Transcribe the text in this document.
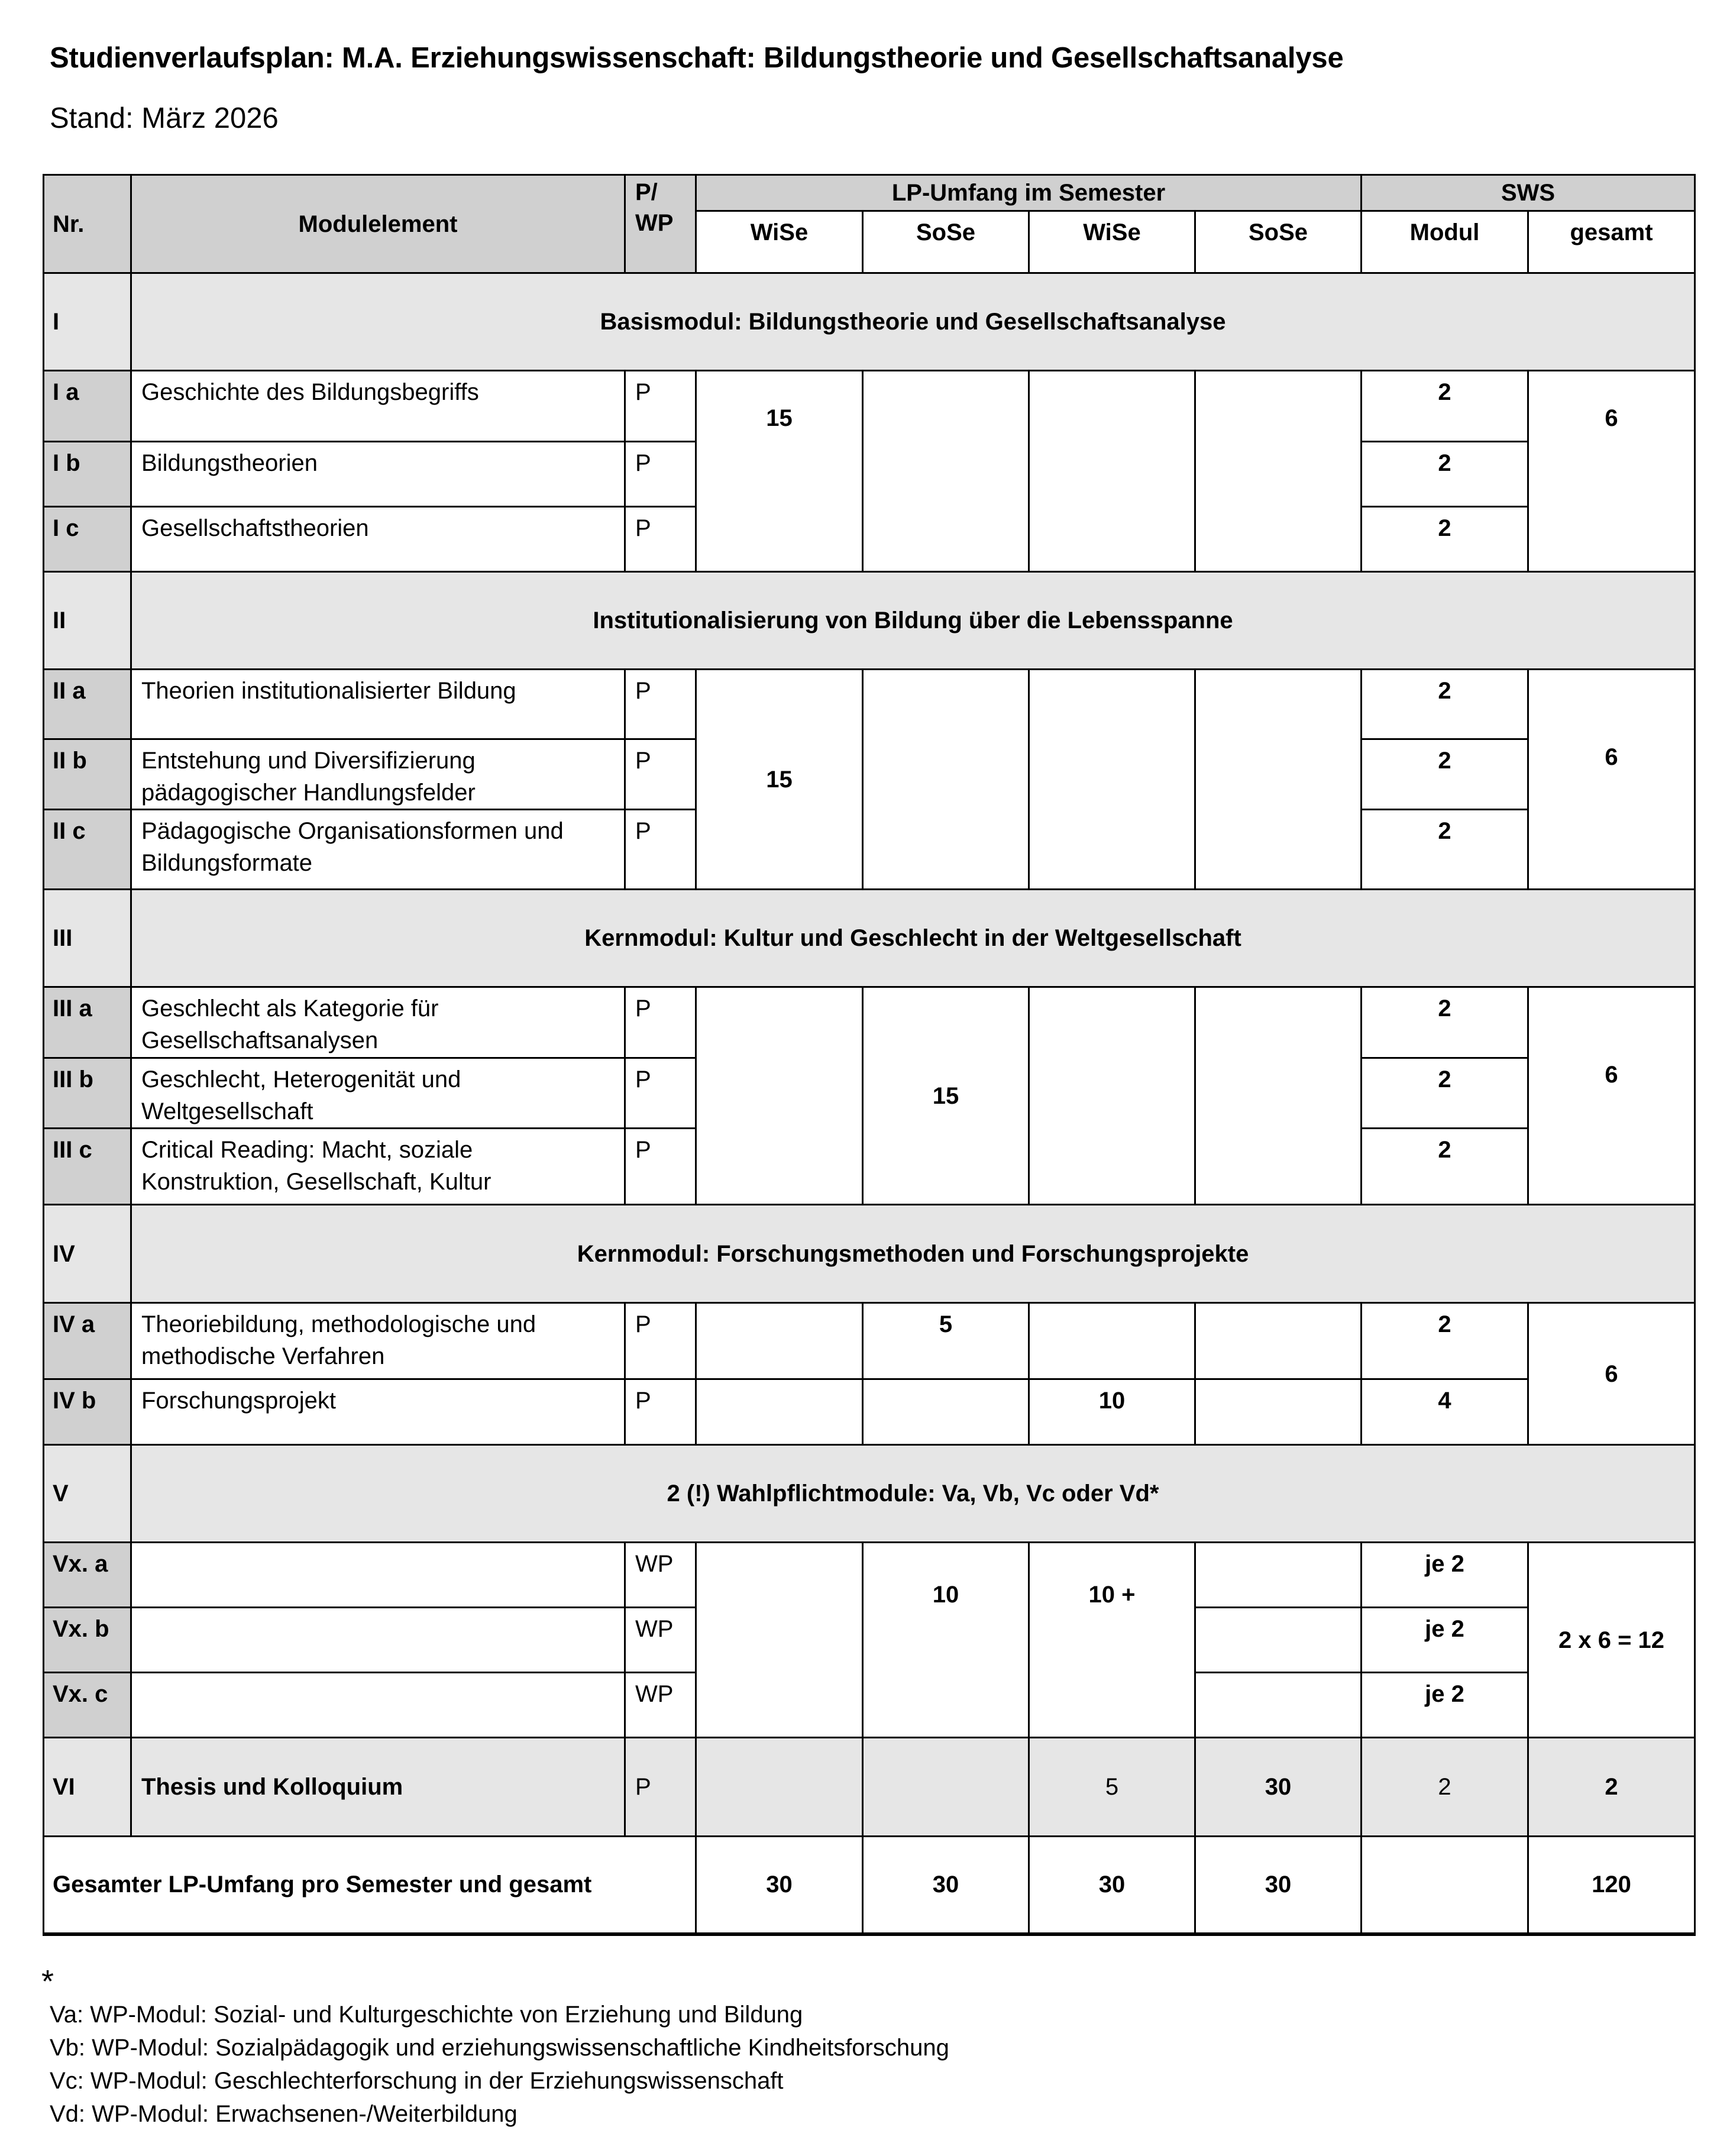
Studienverlaufsplan: M.A. Erziehungswissenschaft: Bildungstheorie und Gesellschaftsanalyse
Stand: März 2026
Nr.	Modulelement	P/ WP	LP-Umfang im Semester				SWS	
			WiSe	SoSe	WiSe	SoSe	Modul	gesamt
I	Basismodul: Bildungstheorie und Gesellschaftsanalyse							
I a	Geschichte des Bildungsbegriffs	P	15				2	6
I b	Bildungstheorien	P					2	
I c	Gesellschaftstheorien	P					2	
II	Institutionalisierung von Bildung über die Lebensspanne							
II a	Theorien institutionalisierter Bildung	P	15				2	6
II b	Entstehung und Diversifizierung pädagogischer Handlungsfelder	P					2	
II c	Pädagogische Organisationsformen und Bildungsformate	P					2	
III	Kernmodul: Kultur und Geschlecht in der Weltgesellschaft							
III a	Geschlecht als Kategorie für Gesellschaftsanalysen	P		15			2	6
III b	Geschlecht, Heterogenität und Weltgesellschaft	P					2	
III c	Critical Reading: Macht, soziale Konstruktion, Gesellschaft, Kultur	P					2	
IV	Kernmodul: Forschungsmethoden und Forschungsprojekte							
IV a	Theoriebildung, methodologische und methodische Verfahren	P		5			2	6
IV b	Forschungsprojekt	P			10		4	
V	2 (!) Wahlpflichtmodule: Va, Vb, Vc oder Vd*							
Vx. a		WP		10	10 +		je 2	2 x 6 = 12
Vx. b		WP					je 2	
Vx. c		WP					je 2	
VI	Thesis und Kolloquium	P			5	30	2	2
Gesamter LP-Umfang pro Semester und gesamt			30	30	30	30		120
*
Va: WP-Modul: Sozial- und Kulturgeschichte von Erziehung und Bildung
Vb: WP-Modul: Sozialpädagogik und erziehungswissenschaftliche Kindheitsforschung
Vc: WP-Modul: Geschlechterforschung in der Erziehungswissenschaft
Vd: WP-Modul: Erwachsenen-/Weiterbildung
